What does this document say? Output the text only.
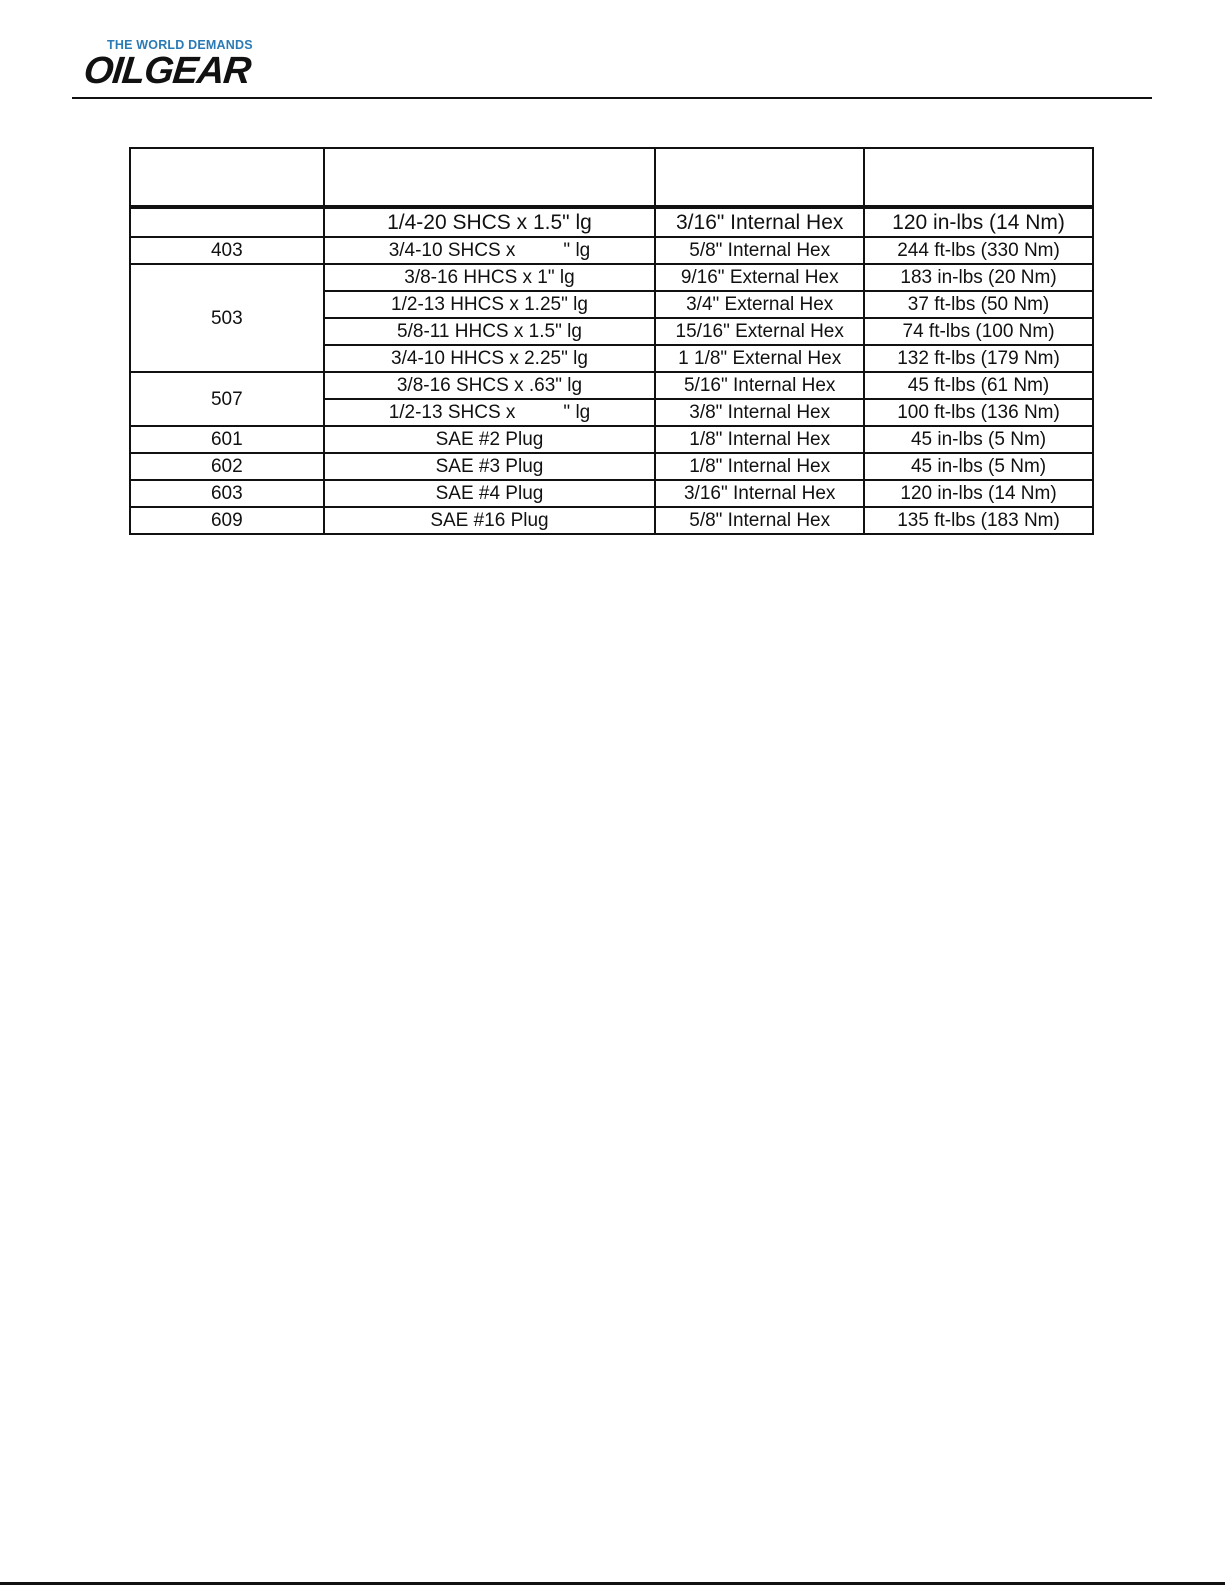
THE WORLD DEMANDS
OILGEAR

	1/4-20 SHCS x 1.5" lg	3/16" Internal Hex	120 in-lbs (14 Nm)
403	3/4-10 SHCS x " lg	5/8" Internal Hex	244 ft-lbs (330 Nm)
503	3/8-16 HHCS x 1" lg	9/16" External Hex	183 in-lbs (20 Nm)
	1/2-13 HHCS x 1.25" lg	3/4" External Hex	37 ft-lbs (50 Nm)
	5/8-11 HHCS x 1.5" lg	15/16" External Hex	74 ft-lbs (100 Nm)
	3/4-10 HHCS x 2.25" lg	1 1/8" External Hex	132 ft-lbs (179 Nm)
507	3/8-16 SHCS x .63" lg	5/16" Internal Hex	45 ft-lbs (61 Nm)
	1/2-13 SHCS x " lg	3/8" Internal Hex	100 ft-lbs (136 Nm)
601	SAE #2 Plug	1/8" Internal Hex	45 in-lbs (5 Nm)
602	SAE #3 Plug	1/8" Internal Hex	45 in-lbs (5 Nm)
603	SAE #4 Plug	3/16" Internal Hex	120 in-lbs (14 Nm)
609	SAE #16 Plug	5/8" Internal Hex	135 ft-lbs (183 Nm)
